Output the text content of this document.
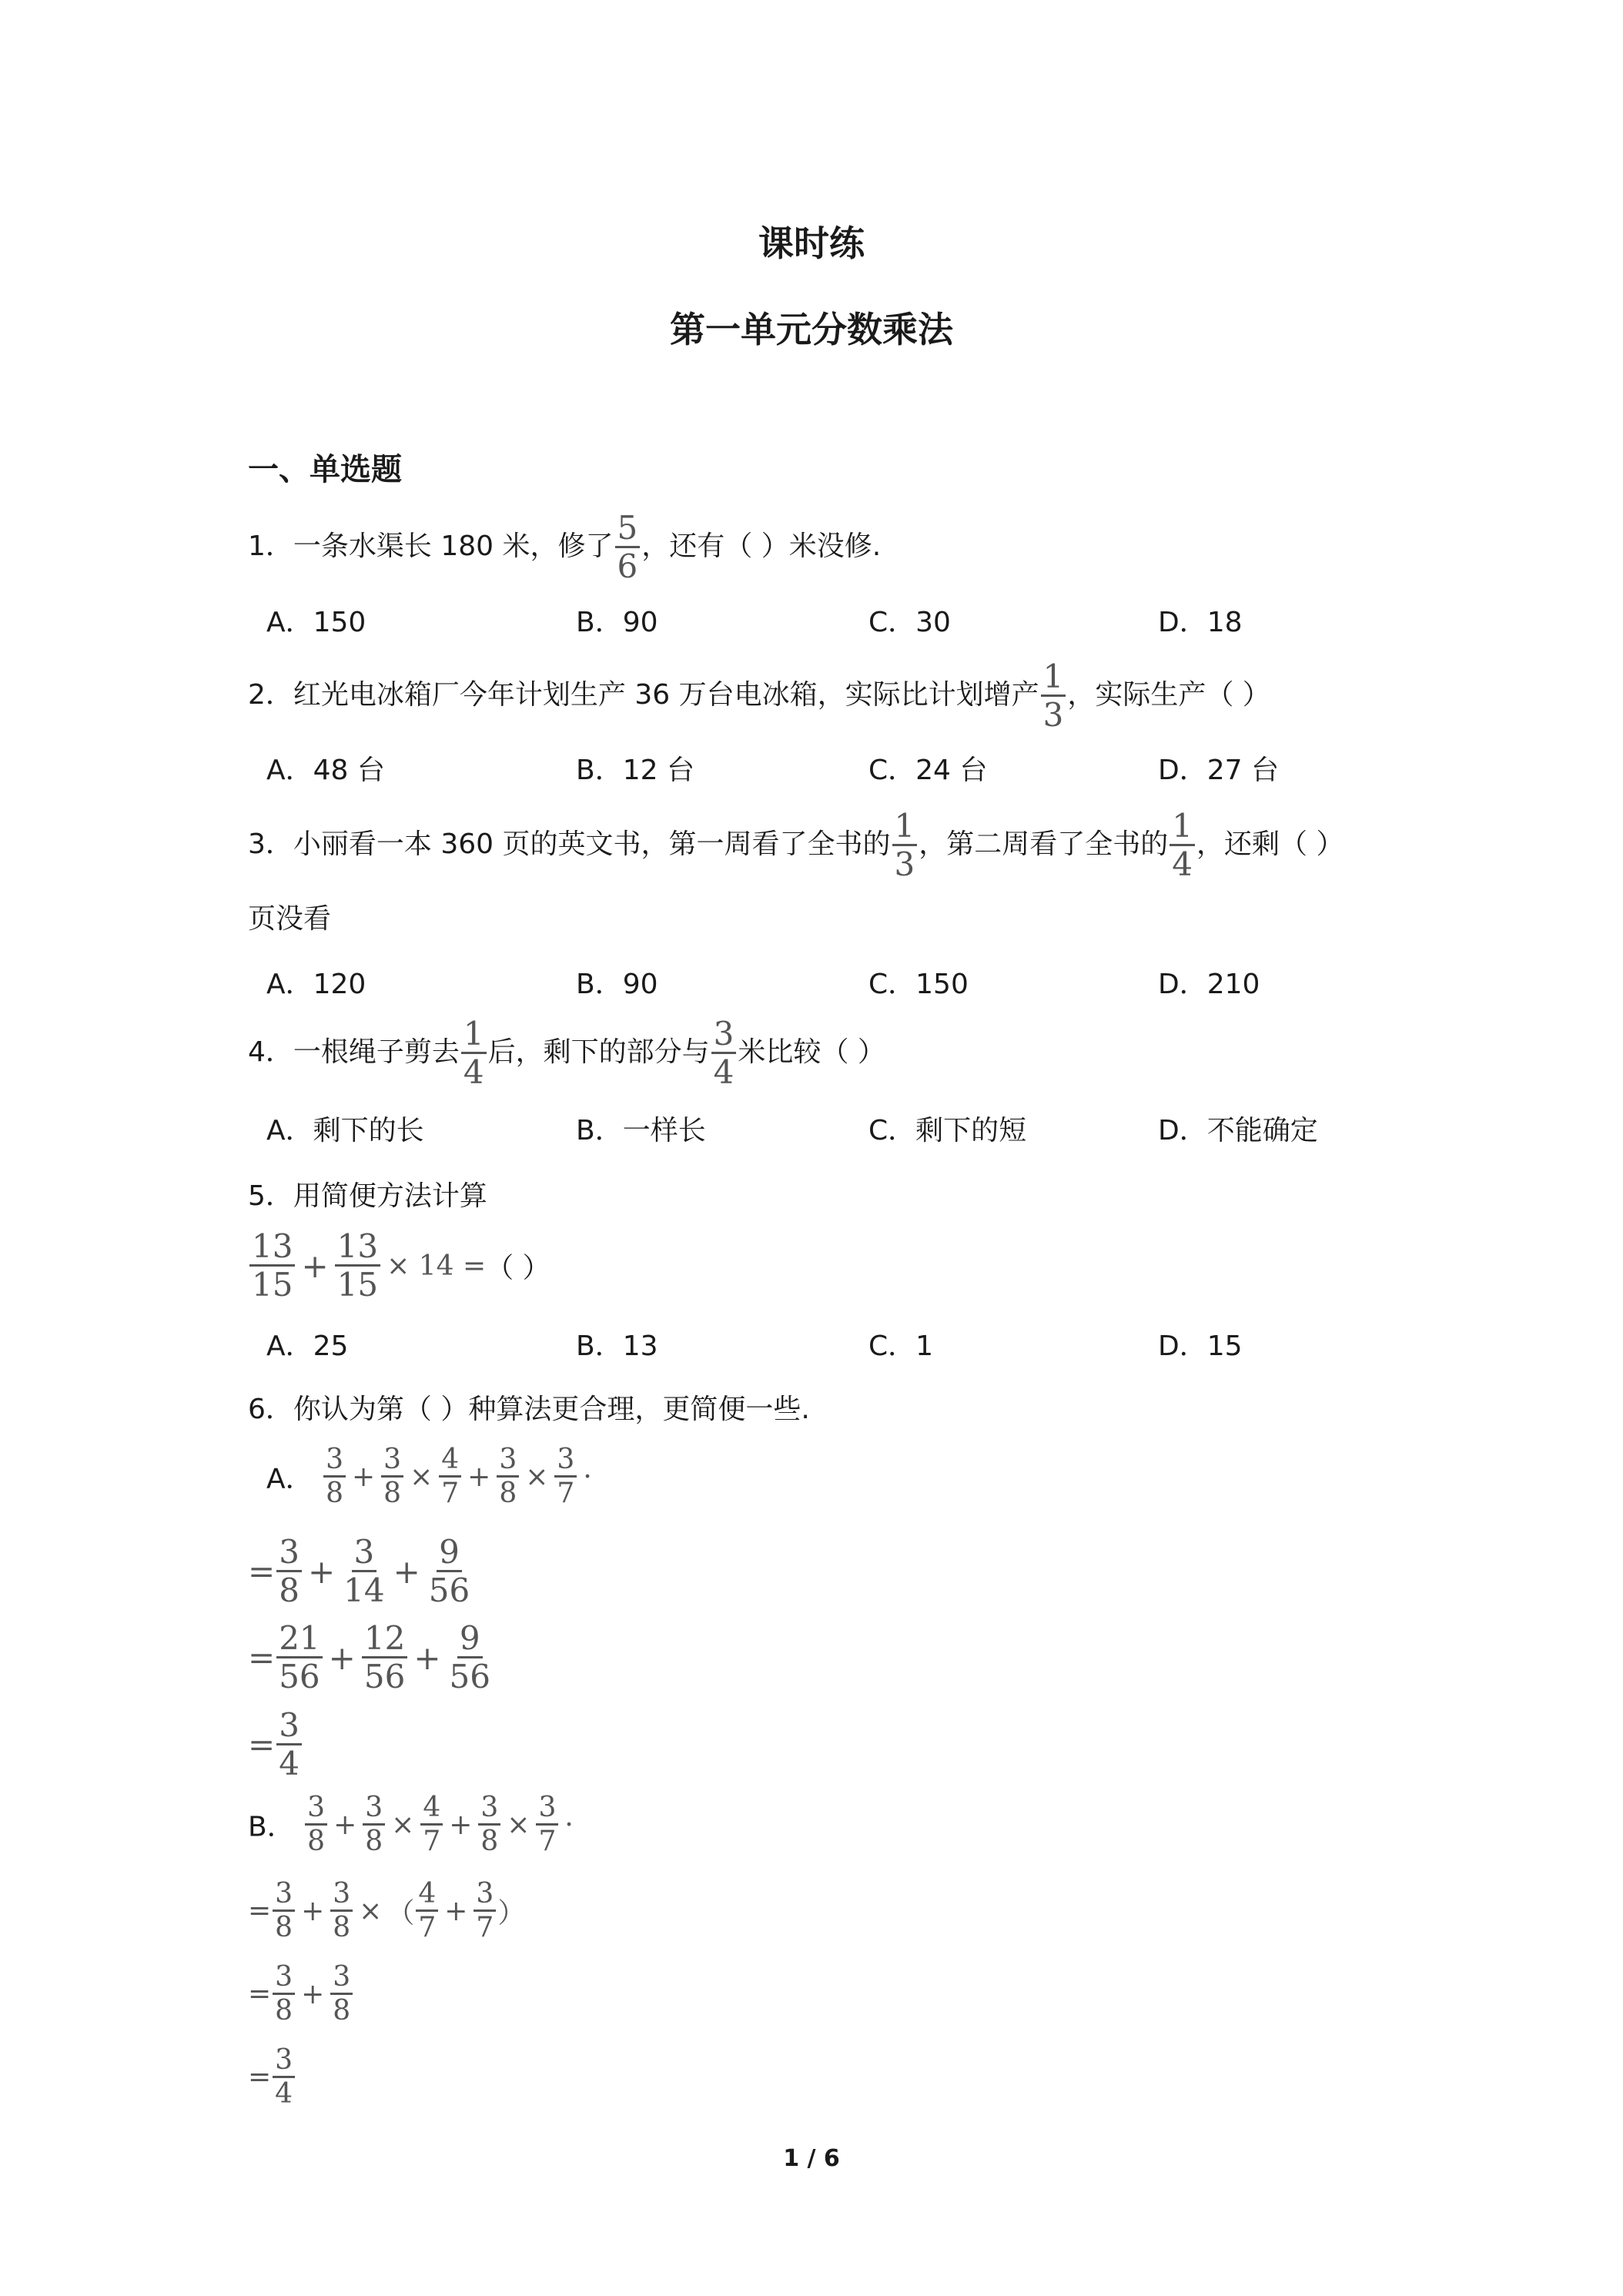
课时练
第一单元分数乘法
一、单选题
1．一条水渠长 180 米，修了 $\frac{5}{6}$ ，还有（ ）米没修.
A．150	B．90	C．30	D．18
2．红光电冰箱厂今年计划生产 36 万台电冰箱，实际比计划增产 $\frac{1}{3}$ ，实际生产（ ）
A．48 台	B．12 台	C．24 台	D．27 台
3．小丽看一本 360 页的英文书，第一周看了全书的 $\frac{1}{3}$ ，第二周看了全书的 $\frac{1}{4}$ ，还剩（ ）
页没看
A．120	B．90	C．150	D．210
4．一根绳子剪去 $\frac{1}{4}$ 后，剩下的部分与 $\frac{3}{4}$ 米比较（ ）
A．剩下的长	B．一样长	C．剩下的短	D．不能确定
5．用简便方法计算
$\frac{13}{15} + \frac{13}{15} \times 14$ =（ ）
A．25	B．13	C．1	D．15
6．你认为第（ ）种算法更合理，更简便一些.
A． $\frac{3}{8} + \frac{3}{8} \times \frac{4}{7} + \frac{3}{8} \times \frac{3}{7}$ ·
= $\frac{3}{8} + \frac{3}{14} + \frac{9}{56}$
= $\frac{21}{56} + \frac{12}{56} + \frac{9}{56}$
= $\frac{3}{4}$
B． $\frac{3}{8} + \frac{3}{8} \times \frac{4}{7} + \frac{3}{8} \times \frac{3}{7}$ ·
= $\frac{3}{8} + \frac{3}{8}$ × （ $\frac{4}{7} + \frac{3}{7}$ ）
= $\frac{3}{8} + \frac{3}{8}$
= $\frac{3}{4}$
1 / 6
